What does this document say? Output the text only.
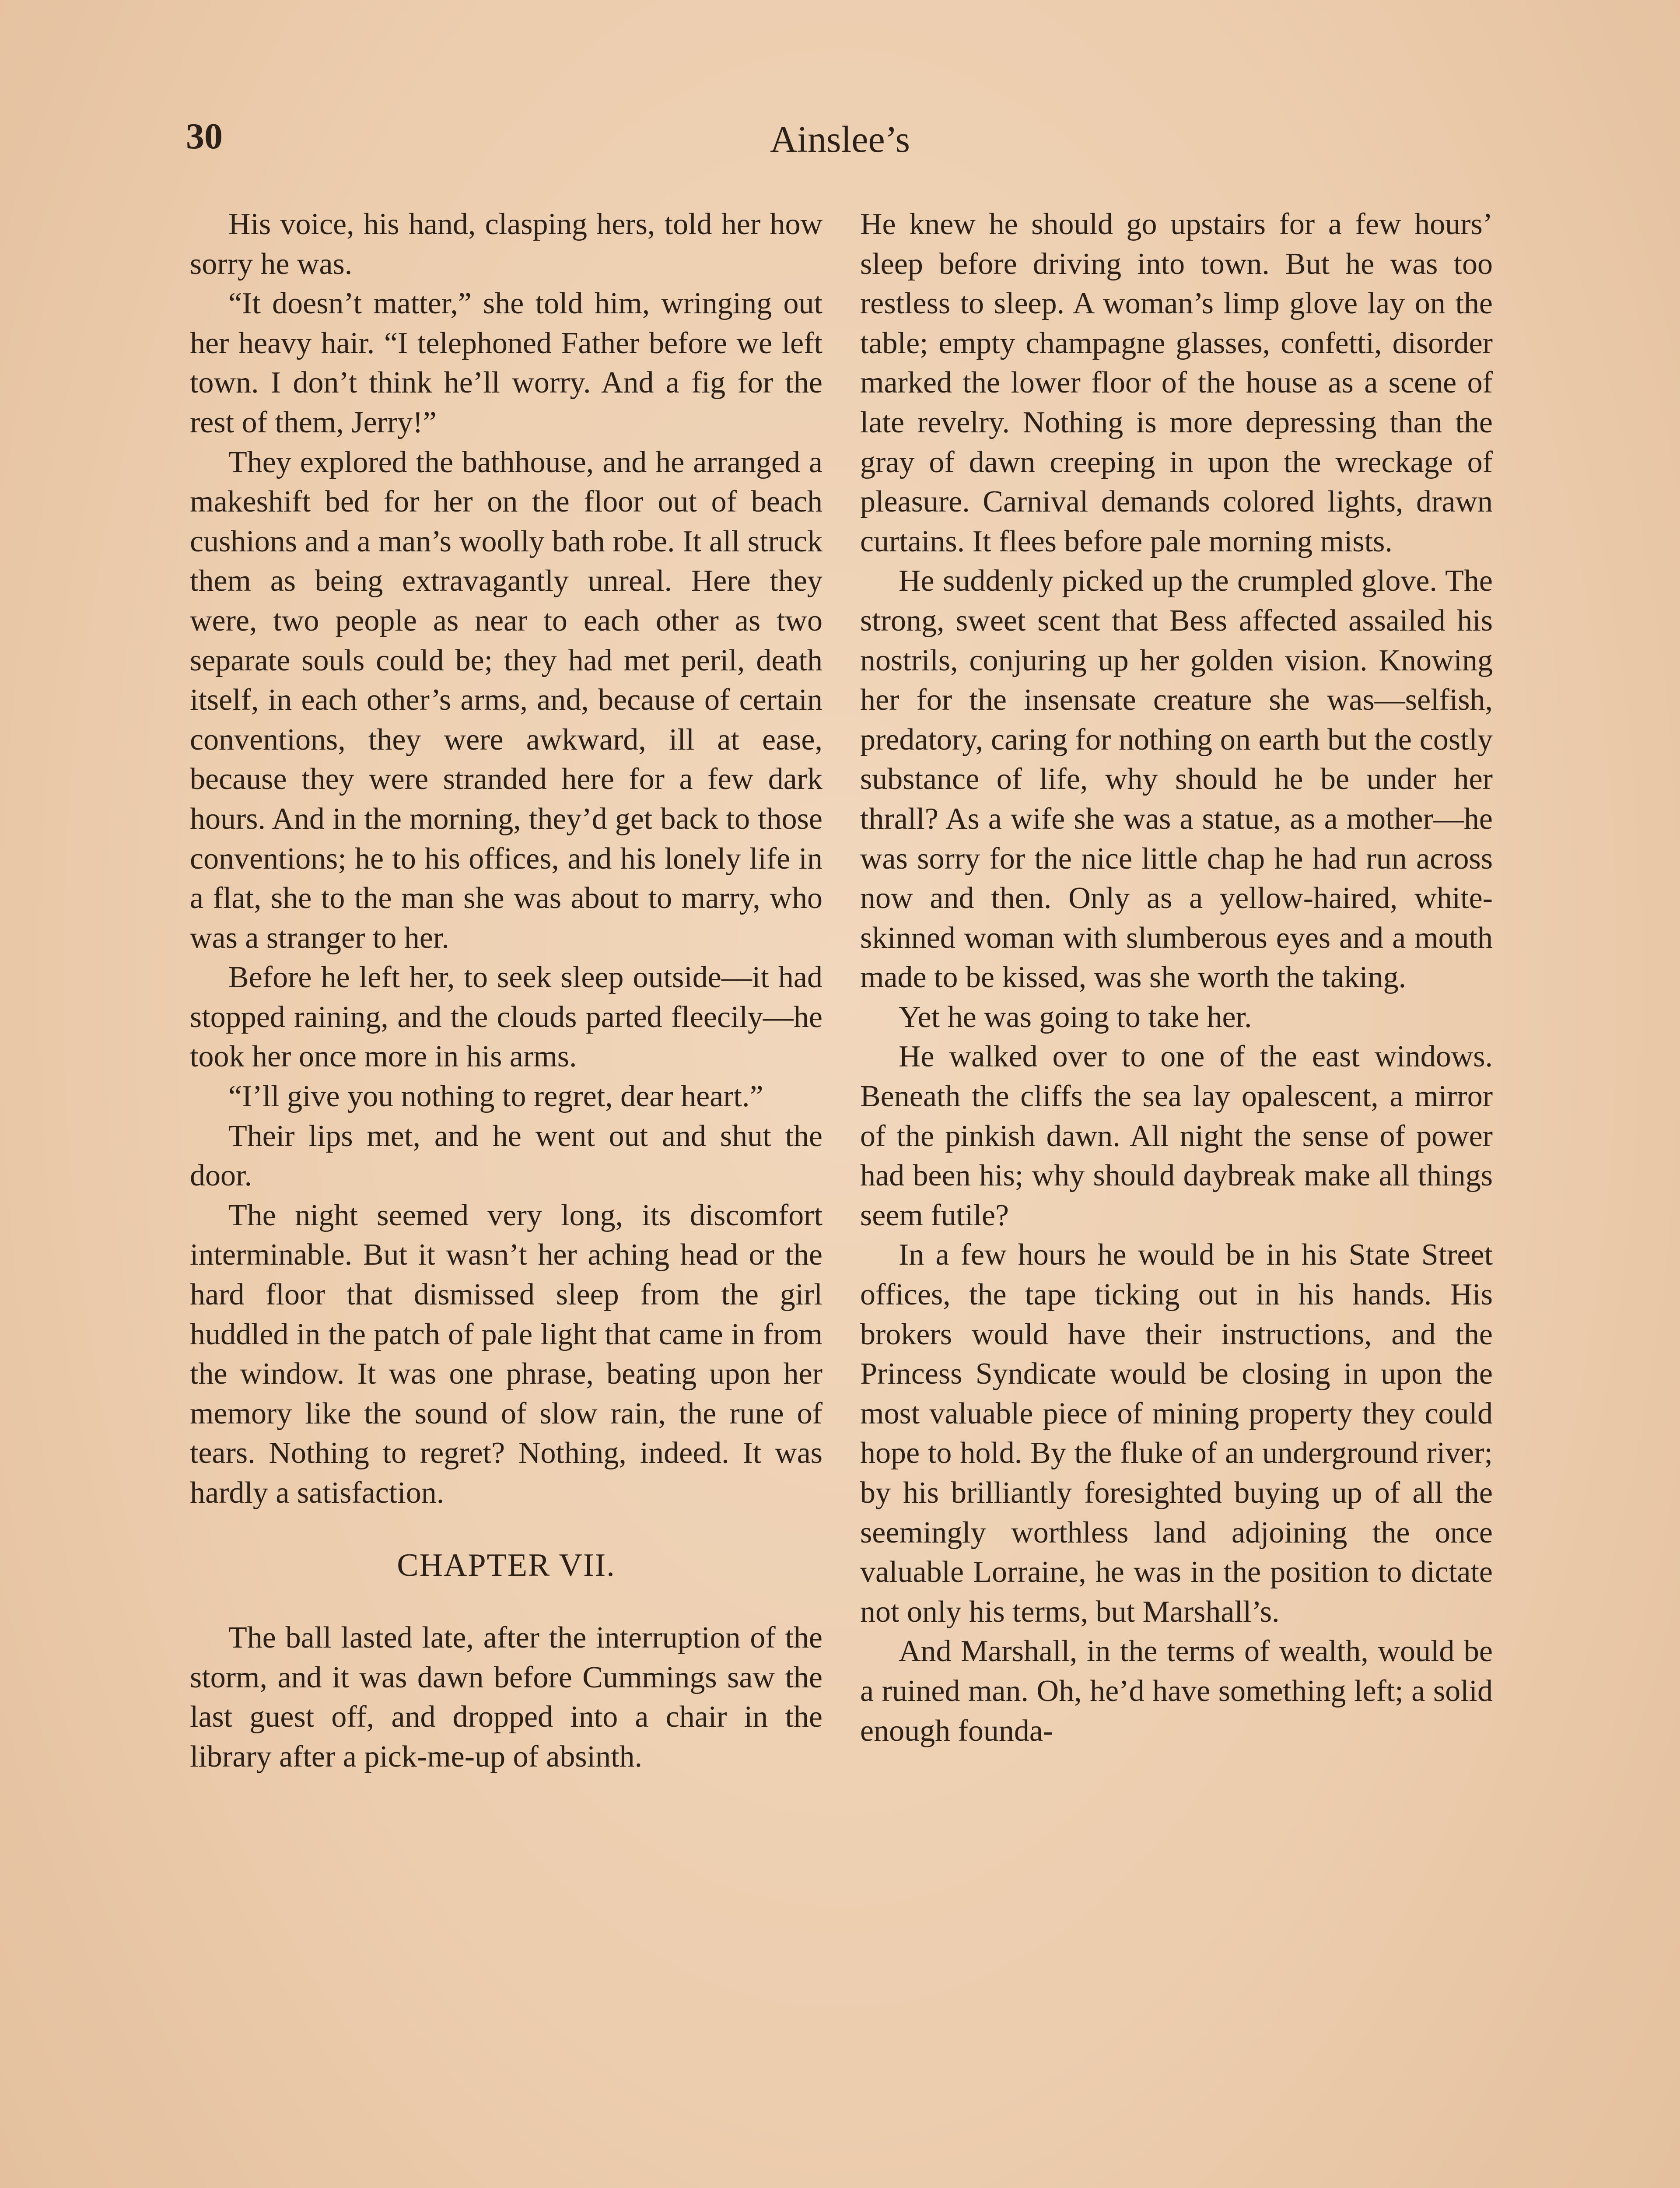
30	Ainslee’s

His voice, his hand, clasping hers, told her how sorry he was.

“It doesn’t matter,” she told him, wringing out her heavy hair. “I telephoned Father before we left town. I don’t think he’ll worry. And a fig for the rest of them, Jerry!”

They explored the bathhouse, and he arranged a makeshift bed for her on the floor out of beach cushions and a man’s woolly bath robe. It all struck them as being extravagantly unreal. Here they were, two people as near to each other as two separate souls could be; they had met peril, death itself, in each other’s arms, and, because of certain conventions, they were awkward, ill at ease, because they were stranded here for a few dark hours. And in the morning, they’d get back to those conventions; he to his offices, and his lonely life in a flat, she to the man she was about to marry, who was a stranger to her.

Before he left her, to seek sleep outside—it had stopped raining, and the clouds parted fleecily—he took her once more in his arms.

“I’ll give you nothing to regret, dear heart.”

Their lips met, and he went out and shut the door.

The night seemed very long, its discomfort interminable. But it wasn’t her aching head or the hard floor that dismissed sleep from the girl huddled in the patch of pale light that came in from the window. It was one phrase, beating upon her memory like the sound of slow rain, the rune of tears. Nothing to regret? Nothing, indeed. It was hardly a satisfaction.

CHAPTER VII.

The ball lasted late, after the interruption of the storm, and it was dawn before Cummings saw the last guest off, and dropped into a chair in the library after a pick-me-up of absinth.

He knew he should go upstairs for a few hours’ sleep before driving into town. But he was too restless to sleep. A woman’s limp glove lay on the table; empty champagne glasses, confetti, disorder marked the lower floor of the house as a scene of late revelry. Nothing is more depressing than the gray of dawn creeping in upon the wreckage of pleasure. Carnival demands colored lights, drawn curtains. It flees before pale morning mists.

He suddenly picked up the crumpled glove. The strong, sweet scent that Bess affected assailed his nostrils, conjuring up her golden vision. Knowing her for the insensate creature she was—selfish, predatory, caring for nothing on earth but the costly substance of life, why should he be under her thrall? As a wife she was a statue, as a mother—he was sorry for the nice little chap he had run across now and then. Only as a yellow-haired, white-skinned woman with slumberous eyes and a mouth made to be kissed, was she worth the taking.

Yet he was going to take her.

He walked over to one of the east windows. Beneath the cliffs the sea lay opalescent, a mirror of the pinkish dawn. All night the sense of power had been his; why should daybreak make all things seem futile?

In a few hours he would be in his State Street offices, the tape ticking out in his hands. His brokers would have their instructions, and the Princess Syndicate would be closing in upon the most valuable piece of mining property they could hope to hold. By the fluke of an underground river; by his brilliantly foresighted buying up of all the seemingly worthless land adjoining the once valuable Lorraine, he was in the position to dictate not only his terms, but Marshall’s.

And Marshall, in the terms of wealth, would be a ruined man. Oh, he’d have something left; a solid enough founda-
